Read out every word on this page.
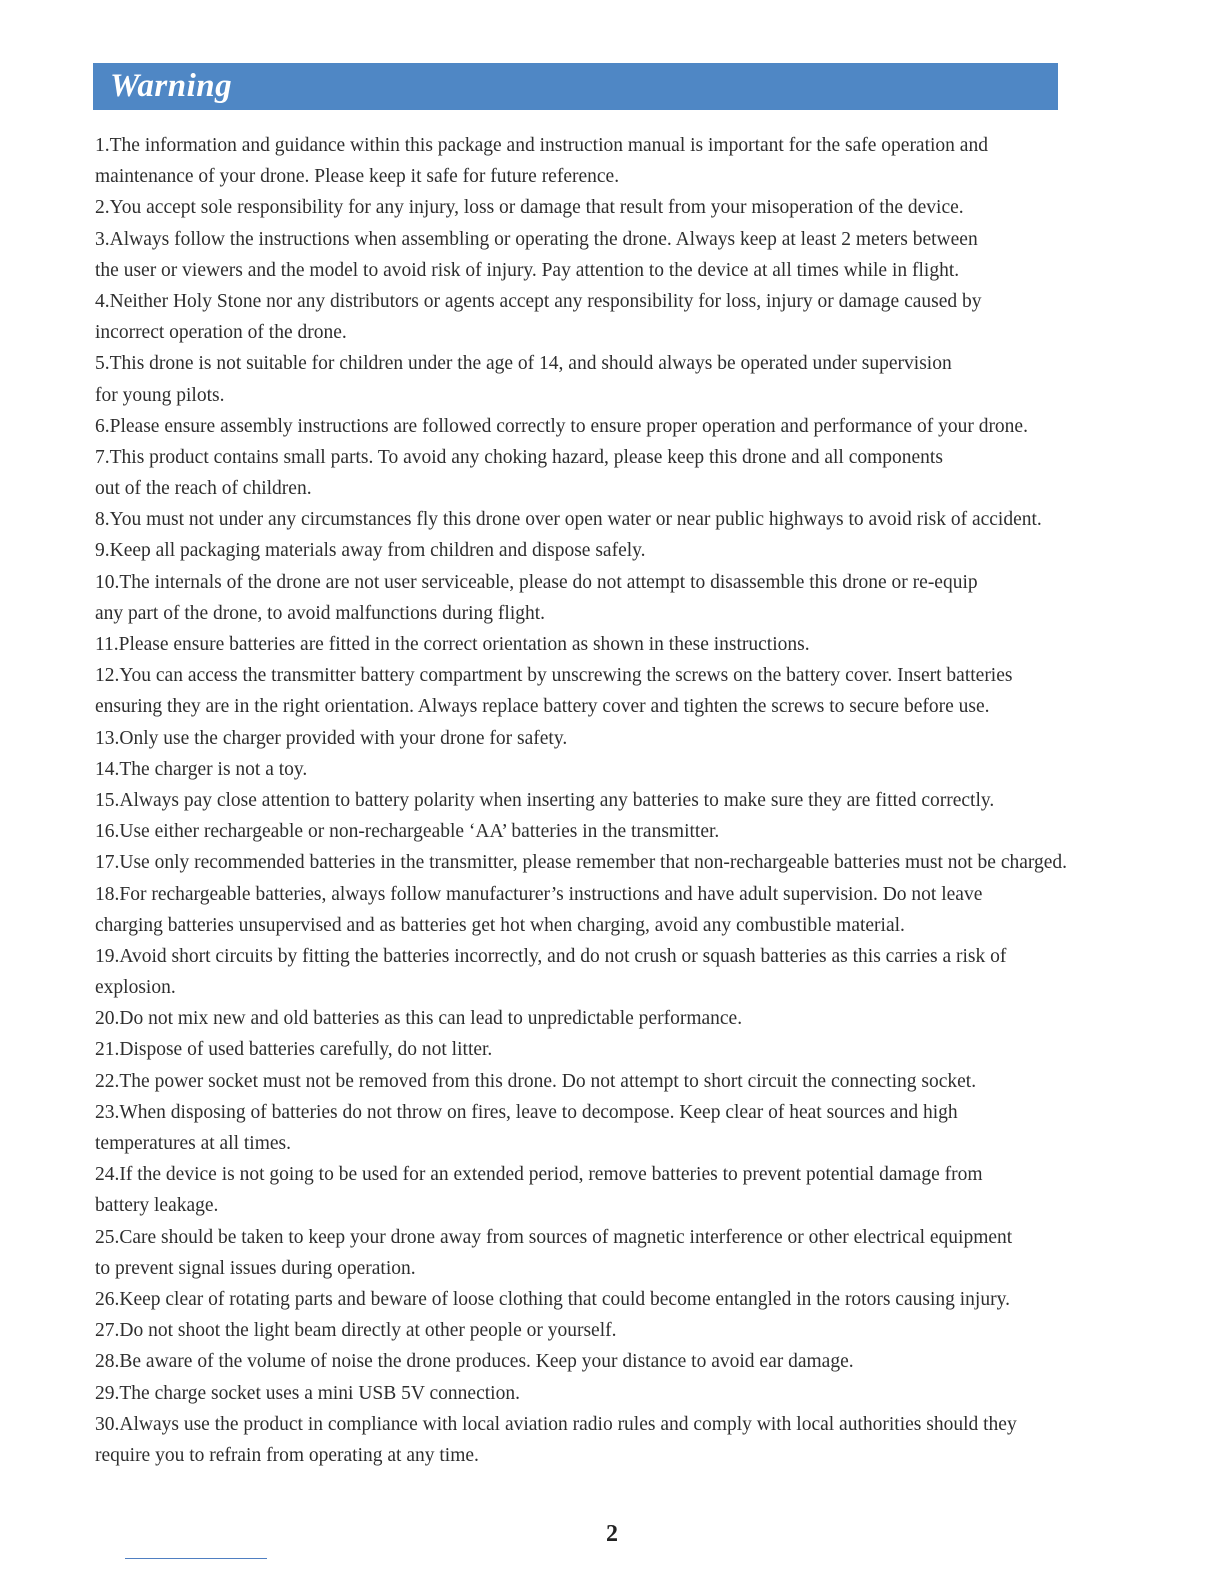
Warning
1.The information and guidance within this package and instruction manual is important for the safe operation and
maintenance of your drone. Please keep it safe for future reference.
2.You accept sole responsibility for any injury, loss or damage that result from your misoperation of the device.
3.Always follow the instructions when assembling or operating the drone. Always keep at least 2 meters between
the user or viewers and the model to avoid risk of injury. Pay attention to the device at all times while in flight.
4.Neither Holy Stone nor any distributors or agents accept any responsibility for loss, injury or damage caused by
incorrect operation of the drone.
5.This drone is not suitable for children under the age of 14, and should always be operated under supervision
for young pilots.
6.Please ensure assembly instructions are followed correctly to ensure proper operation and performance of your drone.
7.This product contains small parts. To avoid any choking hazard, please keep this drone and all components
out of the reach of children.
8.You must not under any circumstances fly this drone over open water or near public highways to avoid risk of accident.
9.Keep all packaging materials away from children and dispose safely.
10.The internals of the drone are not user serviceable, please do not attempt to disassemble this drone or re-equip
any part of the drone, to avoid malfunctions during flight.
11.Please ensure batteries are fitted in the correct orientation as shown in these instructions.
12.You can access the transmitter battery compartment by unscrewing the screws on the battery cover. Insert batteries
ensuring they are in the right orientation. Always replace battery cover and tighten the screws to secure before use.
13.Only use the charger provided with your drone for safety.
14.The charger is not a toy.
15.Always pay close attention to battery polarity when inserting any batteries to make sure they are fitted correctly.
16.Use either rechargeable or non-rechargeable ‘AA’ batteries in the transmitter.
17.Use only recommended batteries in the transmitter, please remember that non-rechargeable batteries must not be charged.
18.For rechargeable batteries, always follow manufacturer’s instructions and have adult supervision. Do not leave
charging batteries unsupervised and as batteries get hot when charging, avoid any combustible material.
19.Avoid short circuits by fitting the batteries incorrectly, and do not crush or squash batteries as this carries a risk of
explosion.
20.Do not mix new and old batteries as this can lead to unpredictable performance.
21.Dispose of used batteries carefully, do not litter.
22.The power socket must not be removed from this drone. Do not attempt to short circuit the connecting socket.
23.When disposing of batteries do not throw on fires, leave to decompose. Keep clear of heat sources and high
temperatures at all times.
24.If the device is not going to be used for an extended period, remove batteries to prevent potential damage from
battery leakage.
25.Care should be taken to keep your drone away from sources of magnetic interference or other electrical equipment
to prevent signal issues during operation.
26.Keep clear of rotating parts and beware of loose clothing that could become entangled in the rotors causing injury.
27.Do not shoot the light beam directly at other people or yourself.
28.Be aware of the volume of noise the drone produces. Keep your distance to avoid ear damage.
29.The charge socket uses a mini USB 5V connection.
30.Always use the product in compliance with local aviation radio rules and comply with local authorities should they
require you to refrain from operating at any time.
2
